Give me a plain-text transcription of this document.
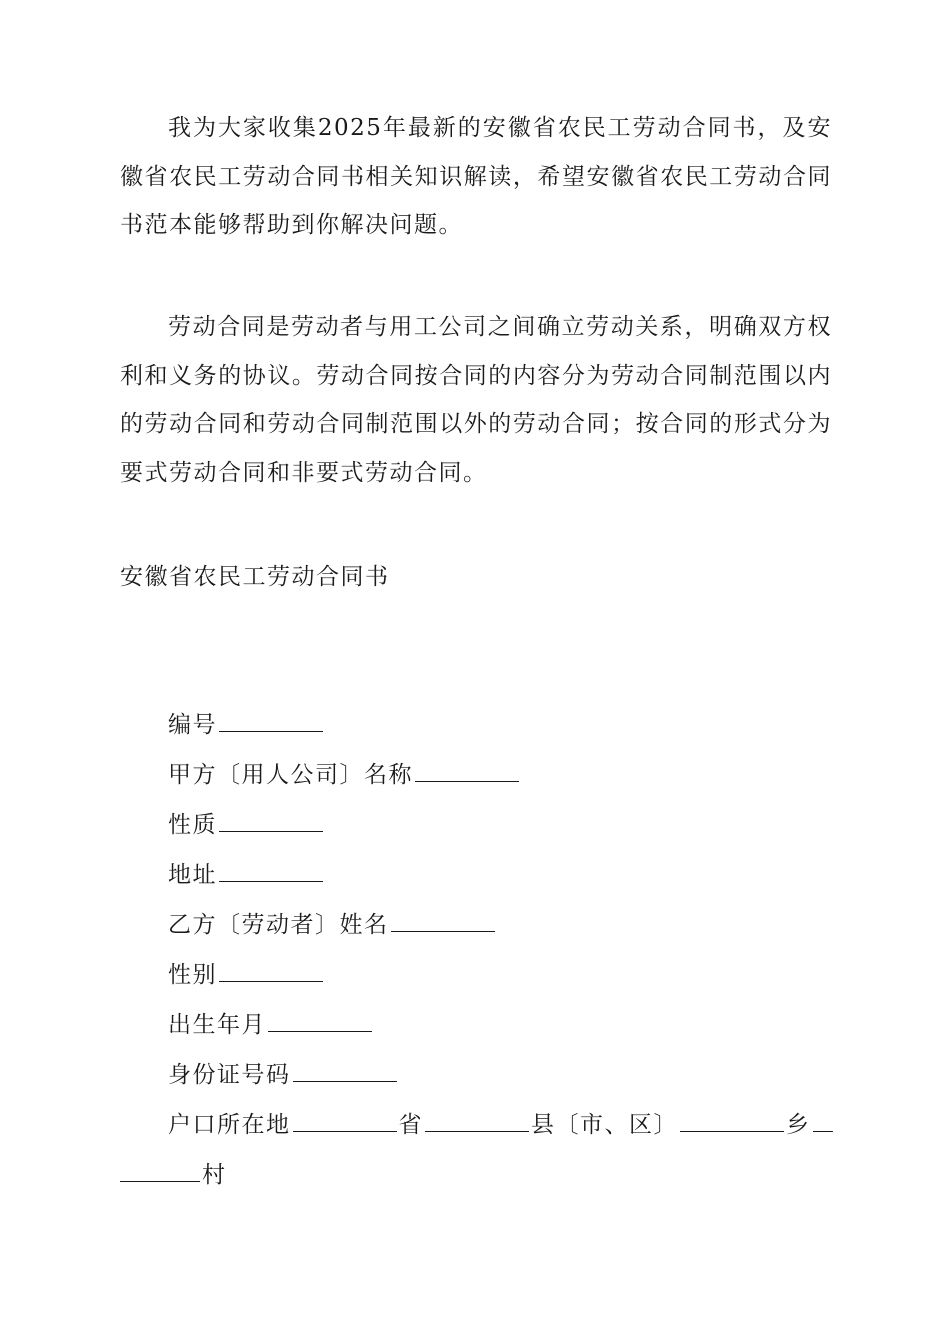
我为大家收集2025年最新的安徽省农民工劳动合同书，及安徽省农民工劳动合同书相关知识解读，希望安徽省农民工劳动合同书范本能够帮助到你解决问题。

劳动合同是劳动者与用工公司之间确立劳动关系，明确双方权利和义务的协议。劳动合同按合同的内容分为劳动合同制范围以内的劳动合同和劳动合同制范围以外的劳动合同；按合同的形式分为要式劳动合同和非要式劳动合同。

安徽省农民工劳动合同书

编号
甲方〔用人公司〕名称
性质
地址
乙方〔劳动者〕姓名
性别
出生年月
身份证号码
户口所在地	省	县〔市、区〕	乡
村
